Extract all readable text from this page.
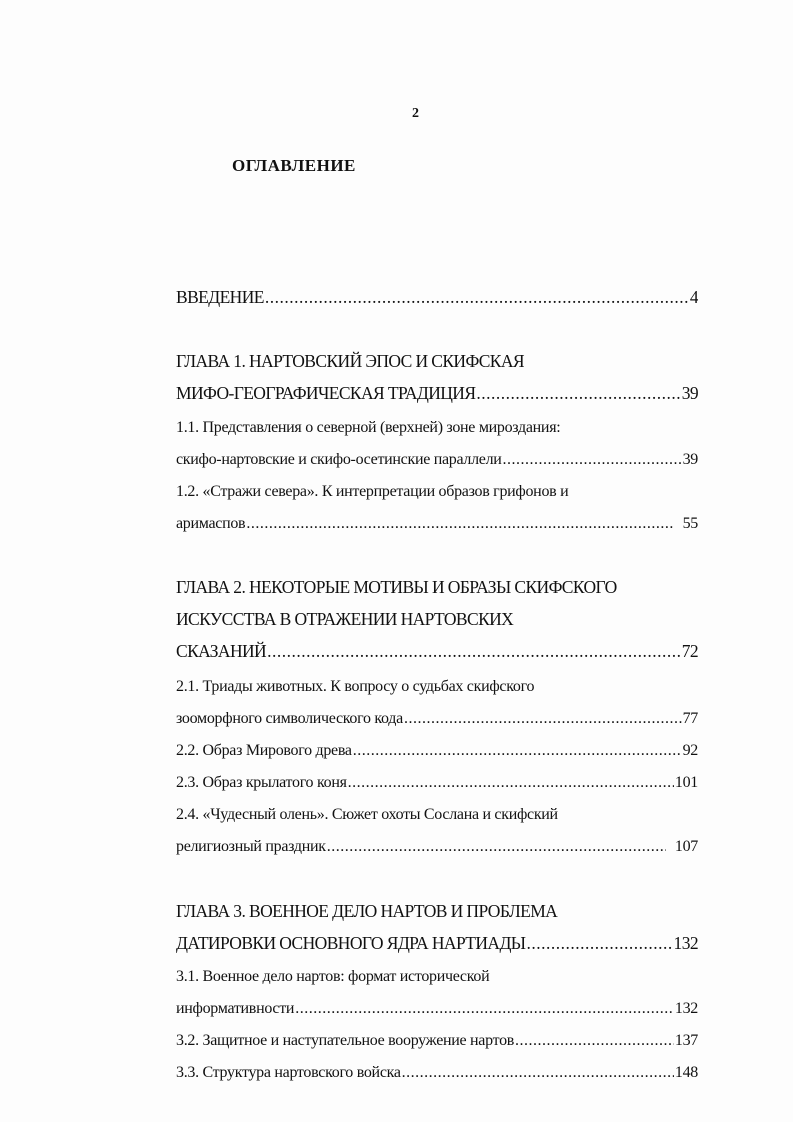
2
ОГЛАВЛЕНИЕ
ВВЕДЕНИЕ .....	4
ГЛАВА 1. НАРТОВСКИЙ ЭПОС И СКИФСКАЯ
МИФО-ГЕОГРАФИЧЕСКАЯ ТРАДИЦИЯ .....	39
1.1. Представления о северной (верхней) зоне мироздания:
скифо-нартовские и скифо-осетинские параллели .....	39
1.2. «Стражи севера». К интерпретации образов грифонов и
аримаспов .....	55
ГЛАВА 2. НЕКОТОРЫЕ МОТИВЫ И ОБРАЗЫ СКИФСКОГО
ИСКУССТВА В ОТРАЖЕНИИ НАРТОВСКИХ
СКАЗАНИЙ .....	72
2.1. Триады животных. К вопросу о судьбах скифского
зооморфного символического кода .....	77
2.2. Образ Мирового древа .....	92
2.3. Образ крылатого коня .....	101
2.4. «Чудесный олень». Сюжет охоты Сослана и скифский
религиозный праздник .....	107
ГЛАВА 3. ВОЕННОЕ ДЕЛО НАРТОВ И ПРОБЛЕМА
ДАТИРОВКИ ОСНОВНОГО ЯДРА НАРТИАДЫ .....	132
3.1. Военное дело нартов: формат исторической
информативности .....	132
3.2. Защитное и наступательное вооружение нартов .....	137
3.3. Структура нартовского войска .....	148
